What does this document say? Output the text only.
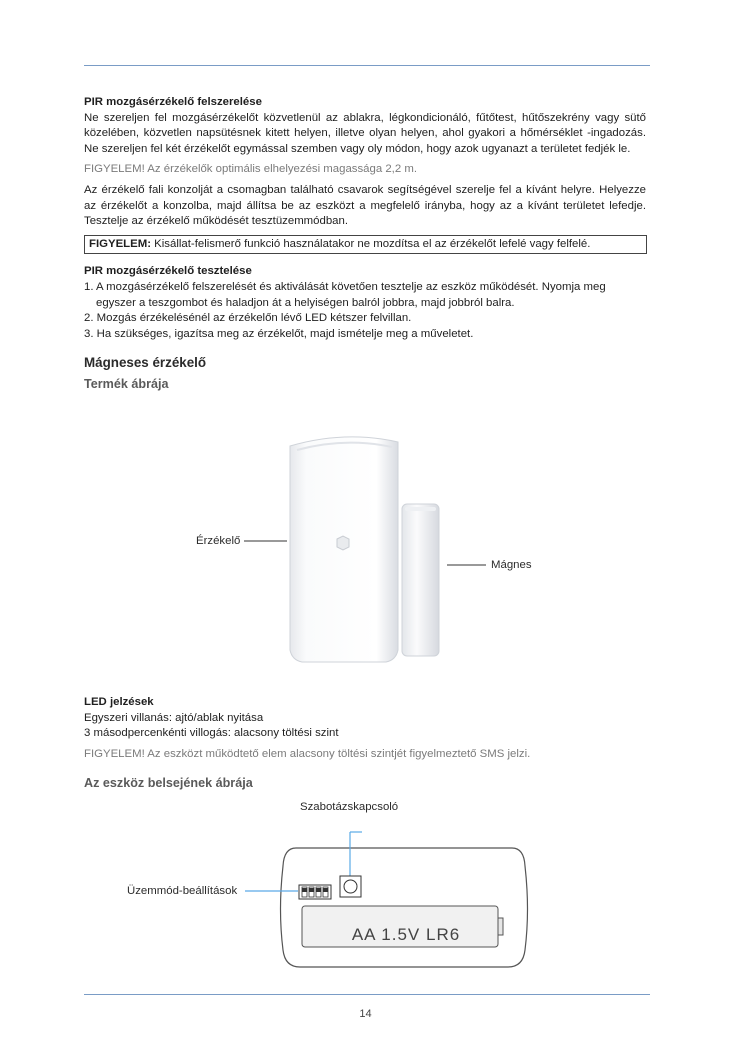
PIR mozgásérzékelő felszerelése

Ne szereljen fel mozgásérzékelőt közvetlenül az ablakra, légkondicionáló, fűtőtest, hűtőszekrény vagy sütő közelében, közvetlen napsütésnek kitett helyen, illetve olyan helyen, ahol gyakori a hőmérséklet -ingadozás. Ne szereljen fel két érzékelőt egymással szemben vagy oly módon, hogy azok ugyanazt a területet fedjék le.

FIGYELEM! Az érzékelők optimális elhelyezési magassága 2,2 m.

Az érzékelő fali konzolját a csomagban található csavarok segítségével szerelje fel a kívánt helyre. Helyezze az érzékelőt a konzolba, majd állítsa be az eszközt a megfelelő irányba, hogy az a kívánt területet lefedje. Tesztelje az érzékelő működését tesztüzemmódban.

FIGYELEM: Kisállat-felismerő funkció használatakor ne mozdítsa el az érzékelőt lefelé vagy felfelé.

PIR mozgásérzékelő tesztelése

1. A mozgásérzékelő felszerelését és aktiválását követően tesztelje az eszköz működését. Nyomja meg egyszer a teszgombot és haladjon át a helyiségen balról jobbra, majd jobbról balra.
2. Mozgás érzékelésénél az érzékelőn lévő LED kétszer felvillan.
3. Ha szükséges, igazítsa meg az érzékelőt, majd ismételje meg a műveletet.
Mágneses érzékelő
Termék ábrája
Érzékelő
Mágnes

LED jelzések

Egyszeri villanás: ajtó/ablak nyitása

3 másodpercenkénti villogás: alacsony töltési szint

FIGYELEM! Az eszközt működtető elem alacsony töltési szintjét figyelmeztető SMS jelzi.

Az eszköz belsejének ábrája
Szabotázskapcsoló
Üzemmód-beállítások
AA 1.5V LR6
14
